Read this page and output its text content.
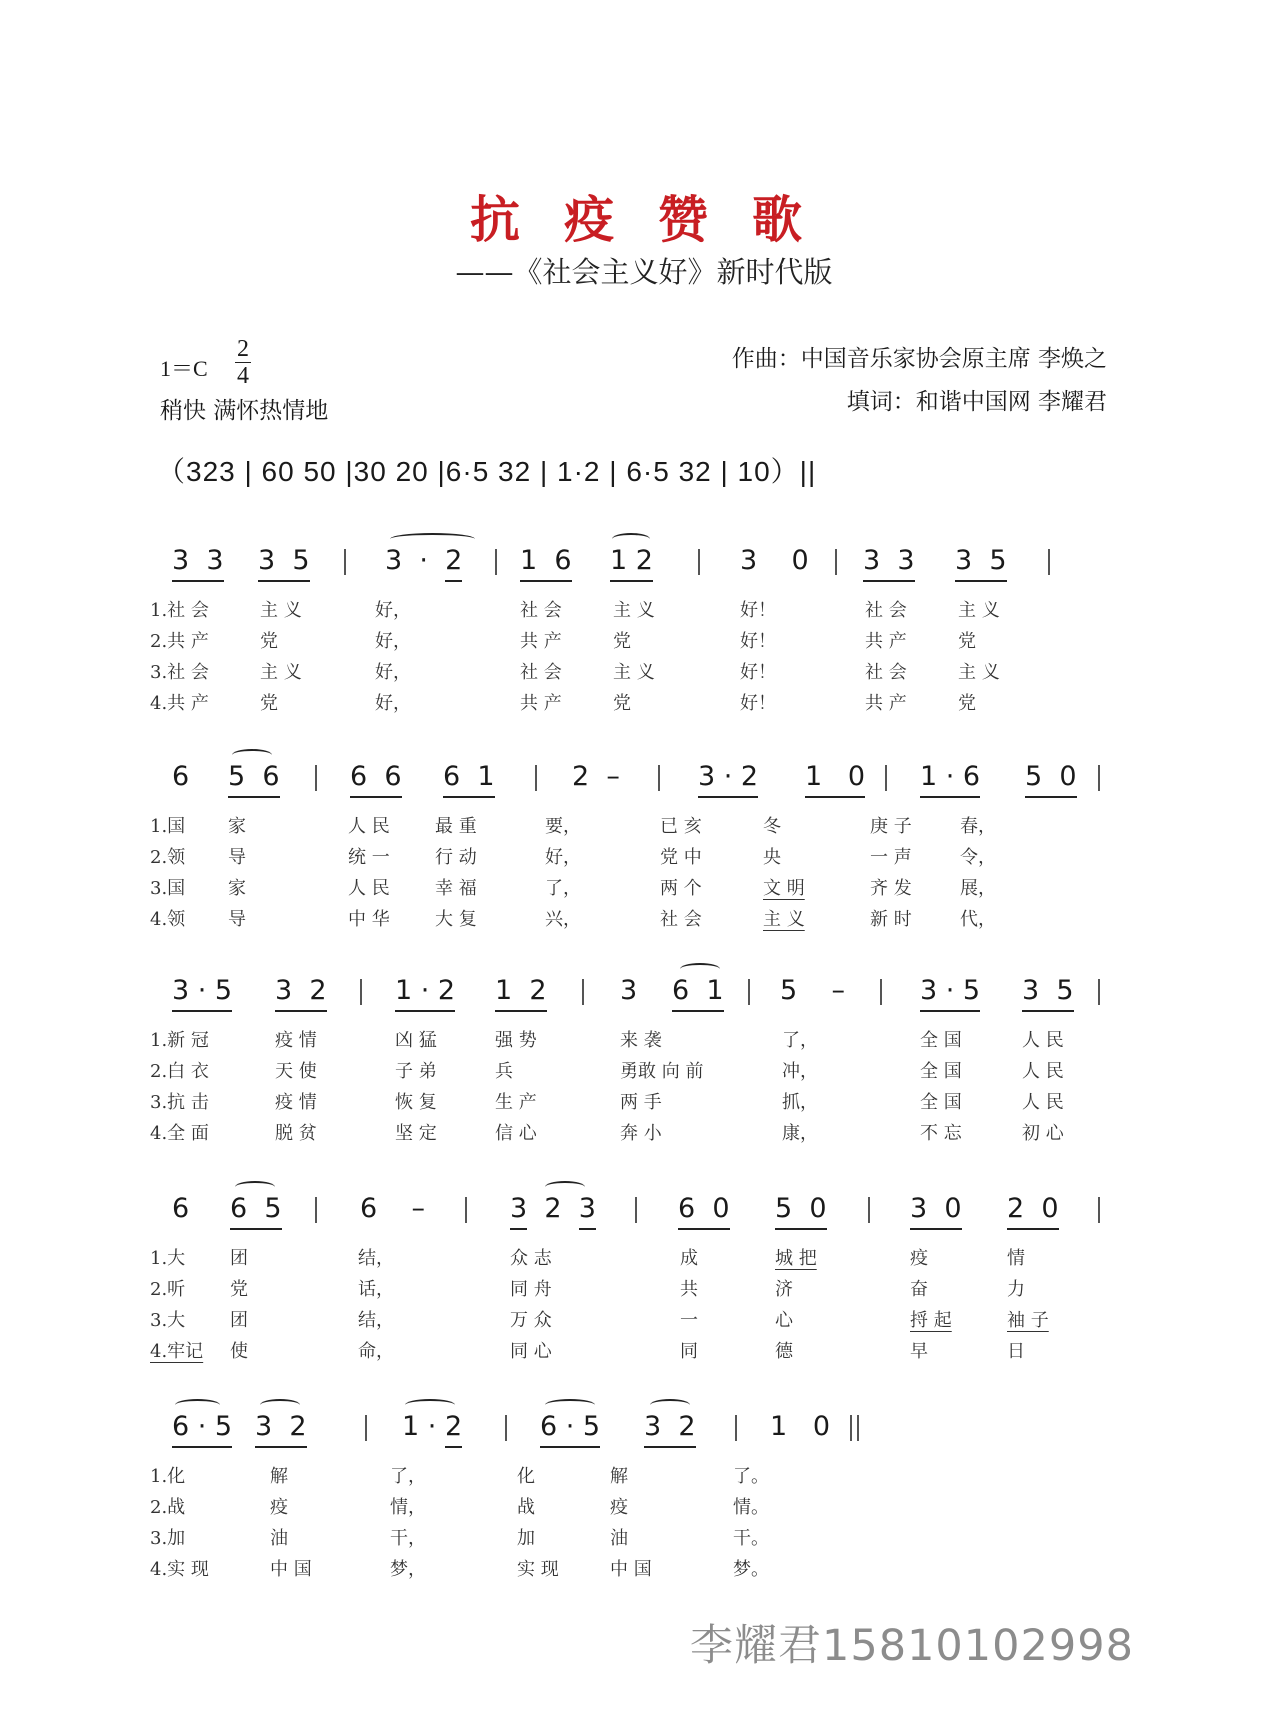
抗 疫 赞 歌
——《社会主义好》新时代版
1＝C
2
4
稍快 满怀热情地
作曲：中国音乐家协会原主席 李焕之
填词：和谐中国网 李耀君
（323 | 60 50 |30 20 |6·5 32 | 1·2 | 6·5 32 | 10）||
3  3 3  5	3  ·  2 1  6 1 2	3    0 3  3 3  5
1.社 会	主 义	好，	社 会	主 义	好！	社 会	主 义
2.共 产	党	好，	共 产	党	好！	共 产	党
3.社 会	主 义	好，	社 会	主 义	好！	社 会	主 义
4.共 产	党	好，	共 产	党	好！	共 产	党
6 5  6	6  6 6  1	2  –	3 · 2 1   0 1 · 6 5  0
1.国 家	人 民	最 重	要，	已 亥	冬	庚 子	春，
2.领 导	统 一	行 动	好，	党 中	央	一 声	令，
3.国 家	人 民	幸 福	了，	两 个	文 明	齐 发	展，
4.领 导	中 华	大 复	兴，	社 会	主 义	新 时	代，
3 · 5 3  2	1 · 2 1  2	3 6  1 5    –	3 · 5 3  5
1.新 冠	疫 情	凶 猛	强 势	来 袭	了，	全 国	人 民
2.白 衣	天 使	子 弟	兵	勇敢 向 前	冲，	全 国	人 民
3.抗 击	疫 情	恢 复	生 产	两 手	抓，	全 国	人 民
4.全 面	脱 贫	坚 定	信 心	奔 小	康，	不 忘	初 心
6 6  5	6    –	3  2  3	6  0 5  0	3  0 2  0
1.大 团	结，	众 志	成	城 把	疫	情
2.听 党	话，	同 舟	共	济	奋	力
3.大 团	结，	万 众	一	心	捋 起	袖 子
4.牢记 使	命，	同 心	同	德	早	日
6 · 5 3  2	1 · 2	6 · 5 3  2	1   0
1.化	解	了，	化	解	了。
2.战	疫	情，	战	疫	情。
3.加	油	干，	加	油	干。
4.实 现	中 国	梦，	实 现	中 国	梦。
李耀君15810102998
